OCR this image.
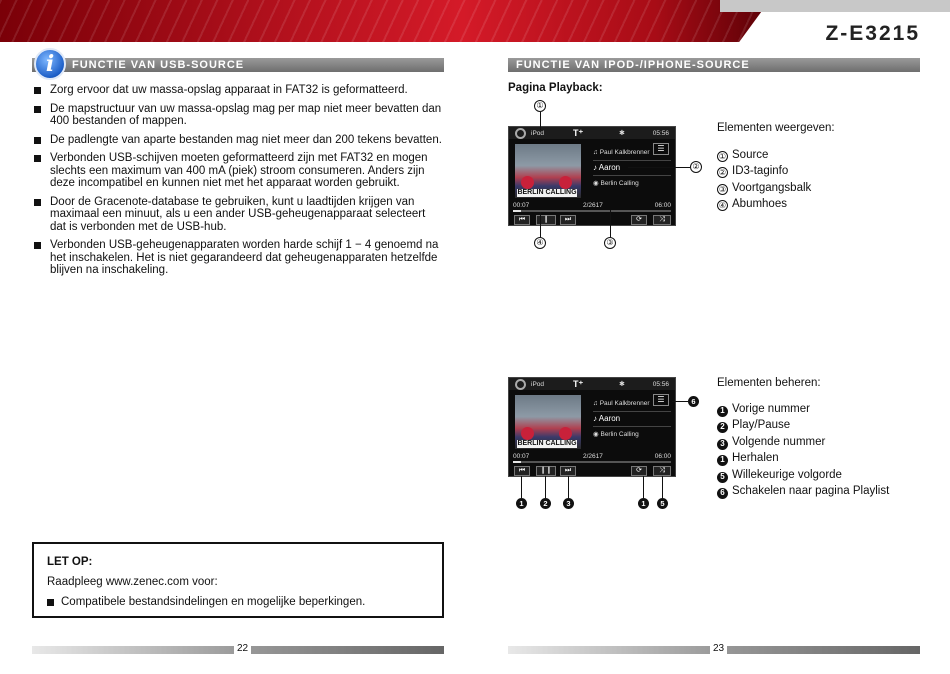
Z-E3215
FUNCTIE VAN USB-SOURCE
i
Zorg ervoor dat uw massa-opslag apparaat in FAT32 is geformatteerd.
De mapstructuur van uw massa-opslag mag per map niet meer bevatten dan 400 bestanden of mappen.
De padlengte van aparte bestanden mag niet meer dan 200 tekens bevatten.
Verbonden USB-schijven moeten geformatteerd zijn met FAT32 en mogen slechts een maximum van 400 mA (piek) stroom consumeren. Anders zijn deze incompatibel en kunnen niet met het apparaat worden gebruikt.
Door de Gracenote-database te gebruiken, kunt u laadtijden krijgen van maximaal een minuut, als u een ander USB-geheugenapparaat selecteert dat is verbonden met de USB-hub.
Verbonden USB-geheugenapparaten worden harde schijf 1 − 4 genoemd na het inschakelen. Het is niet gegarandeerd dat geheugenapparaten hetzelfde blijven na inschakeling.
LET OP:
Raadpleeg www.zenec.com voor:
Compatibele bestandsindelingen en mogelijke beperkingen.
22
FUNCTIE VAN IPOD-/IPHONE-SOURCE
Pagina Playback:
iPod	T⁺	✱	05:56
BERLIN CALLING
☰
♫ Paul Kalkbrenner
♪ Aaron
◉ Berlin Calling
00:07	2/2617	06:00
⏮	❙	⏭	⟳	⤨
①
②
④	③
Elementen weergeven:
① Source
② ID3-taginfo
③ Voortgangsbalk
④ Abumhoes
iPod	T⁺	✱	05:56
BERLIN CALLING
☰
♫ Paul Kalkbrenner
♪ Aaron
◉ Berlin Calling
00:07	2/2617	06:00
⏮	❙❙	⏭	⟳	⤨
6
1	2	3	1	5
Elementen beheren:
1 Vorige nummer
2 Play/Pause
3 Volgende nummer
1 Herhalen
5 Willekeurige volgorde
6 Schakelen naar pagina Playlist
23
